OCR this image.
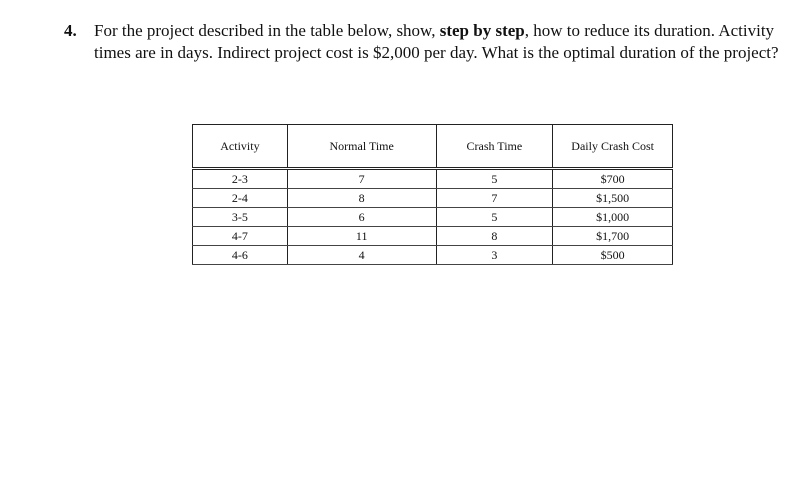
4. For the project described in the table below, show, step by step, how to reduce its duration. Activity times are in days. Indirect project cost is $2,000 per day. What is the optimal duration of the project?
Activity	Normal Time	Crash Time	Daily Crash Cost
2-3	7	5	$700
2-4	8	7	$1,500
3-5	6	5	$1,000
4-7	11	8	$1,700
4-6	4	3	$500
